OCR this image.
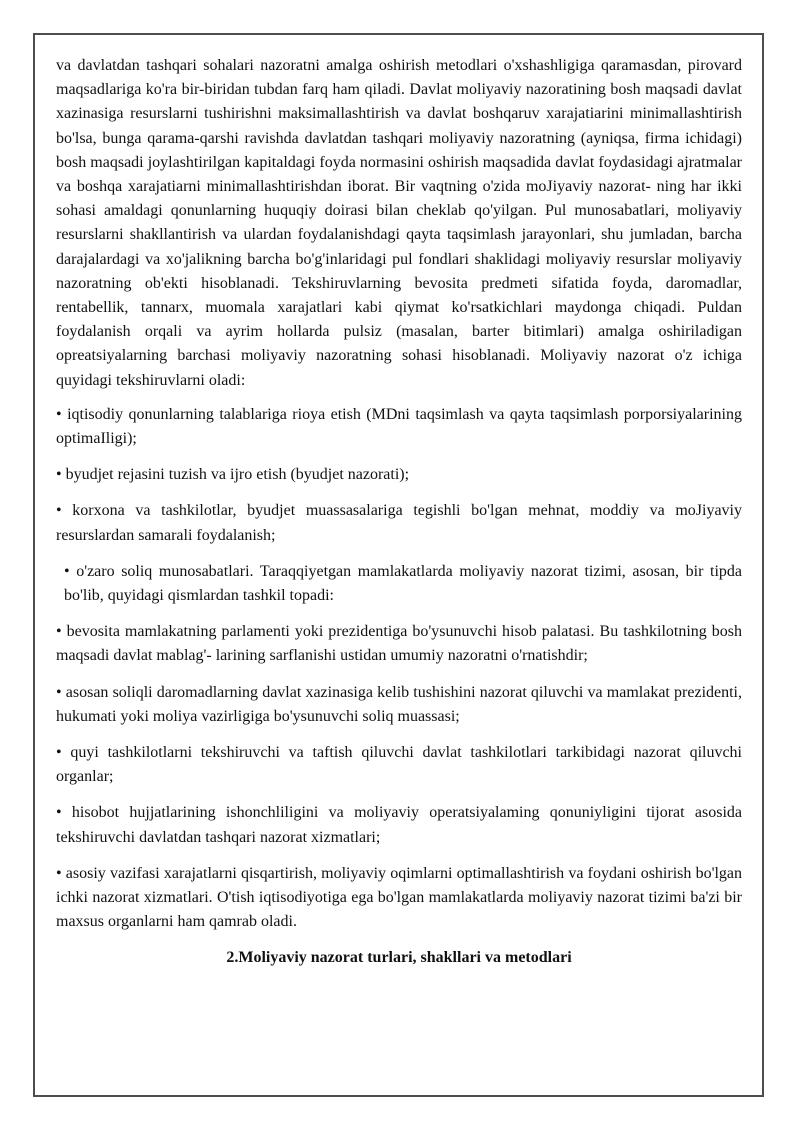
va davlatdan tashqari sohalari nazoratni amalga oshirish metodlari o'xshashligiga qaramasdan, pirovard maqsadlariga ko'ra bir-biridan tubdan farq ham qiladi. Davlat moliyaviy nazoratining bosh maqsadi davlat xazinasiga resurslarni tushirishni maksimallashtirish va davlat boshqaruv xarajatiarini minimallashtirish bo'lsa, bunga qarama-qarshi ravishda davlatdan tashqari moliyaviy nazoratning (ayniqsa, firma ichidagi) bosh maqsadi joylashtirilgan kapitaldagi foyda normasini oshirish maqsadida davlat foydasidagi ajratmalar va boshqa xarajatiarni minimallashtirishdan iborat. Bir vaqtning o'zida moJiyaviy nazorat- ning har ikki sohasi amaldagi qonunlarning huquqiy doirasi bilan cheklab qo'yilgan. Pul munosabatlari, moliyaviy resurslarni shakllantirish va ulardan foydalanishdagi qayta taqsimlash jarayonlari, shu jumladan, barcha darajalardagi va xo'jalikning barcha bo'g'inlaridagi pul fondlari shaklidagi moliyaviy resurslar moliyaviy nazoratning ob'ekti hisoblanadi. Tekshiruvlarning bevosita predmeti sifatida foyda, daromadlar, rentabellik, tannarx, muomala xarajatlari kabi qiymat ko'rsatkichlari maydonga chiqadi. Puldan foydalanish orqali va ayrim hollarda pulsiz (masalan, barter bitimlari) amalga oshiriladigan opreatsiyalarning barchasi moliyaviy nazoratning sohasi hisoblanadi. Moliyaviy nazorat o'z ichiga quyidagi tekshiruvlarni oladi:

• iqtisodiy qonunlarning talablariga rioya etish (MDni taqsimlash va qayta taqsimlash porporsiyalarining optimaIligi);

• byudjet rejasini tuzish va ijro etish (byudjet nazorati);

• korxona va tashkilotlar, byudjet muassasalariga tegishli bo'lgan mehnat, moddiy va moJiyaviy resurslardan samarali foydalanish;

• o'zaro soliq munosabatlari. Taraqqiyetgan mamlakatlarda moliyaviy nazorat tizimi, asosan, bir tipda bo'lib, quyidagi qismlardan tashkil topadi:

• bevosita mamlakatning parlamenti yoki prezidentiga bo'ysunuvchi hisob palatasi. Bu tashkilotning bosh maqsadi davlat mablag'- larining sarflanishi ustidan umumiy nazoratni o'rnatishdir;

• asosan soliqli daromadlarning davlat xazinasiga kelib tushishini nazorat qiluvchi va mamlakat prezidenti, hukumati yoki moliya vazirligiga bo'ysunuvchi soliq muassasi;

• quyi tashkilotlarni tekshiruvchi va taftish qiluvchi davlat tashkilotlari tarkibidagi nazorat qiluvchi organlar;

• hisobot hujjatlarining ishonchliligini va moliyaviy operatsiyalaming qonuniyligini tijorat asosida tekshiruvchi davlatdan tashqari nazorat xizmatlari;

• asosiy vazifasi xarajatlarni qisqartirish, moliyaviy oqimlarni optimallashtirish va foydani oshirish bo'lgan ichki nazorat xizmatlari. O'tish iqtisodiyotiga ega bo'lgan mamlakatlarda moliyaviy nazorat tizimi ba'zi bir maxsus organlarni ham qamrab oladi.

2.Moliyaviy nazorat turlari, shakllari va metodlari
